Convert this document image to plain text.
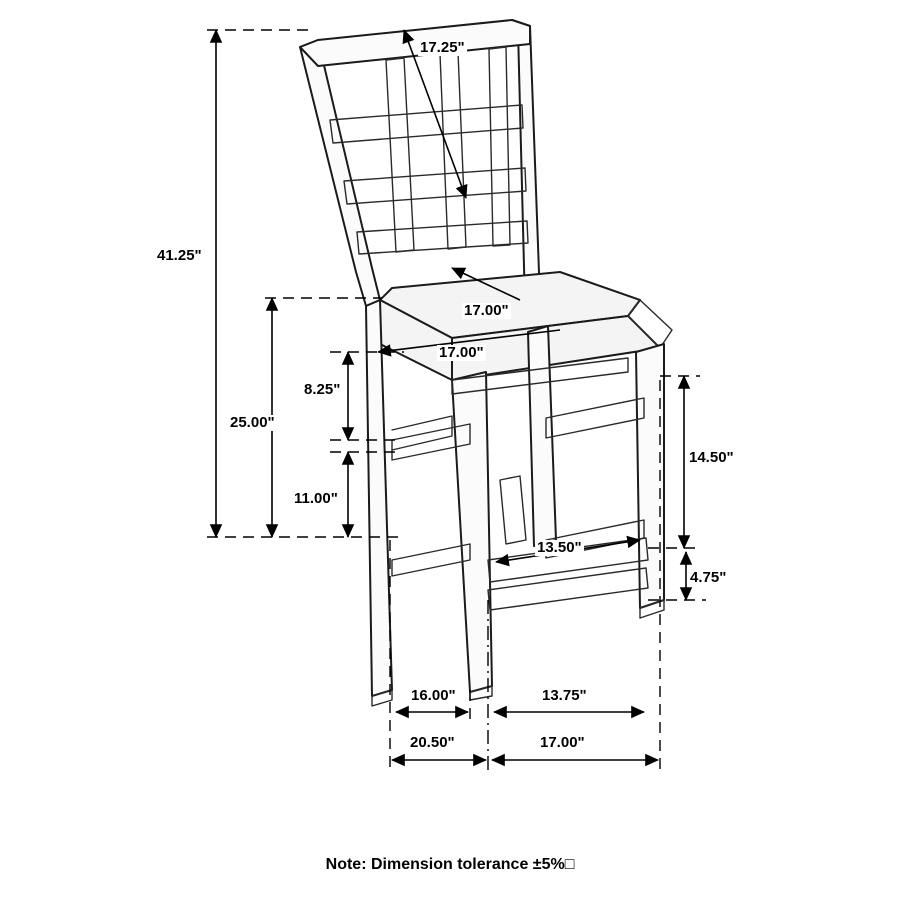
17.25"
41.25"
17.00"
17.00"
25.00"
8.25"
14.50"
11.00"
13.50"
4.75"
16.00"	13.75"
20.50"	17.00"
Note: Dimension tolerance ±5%□
